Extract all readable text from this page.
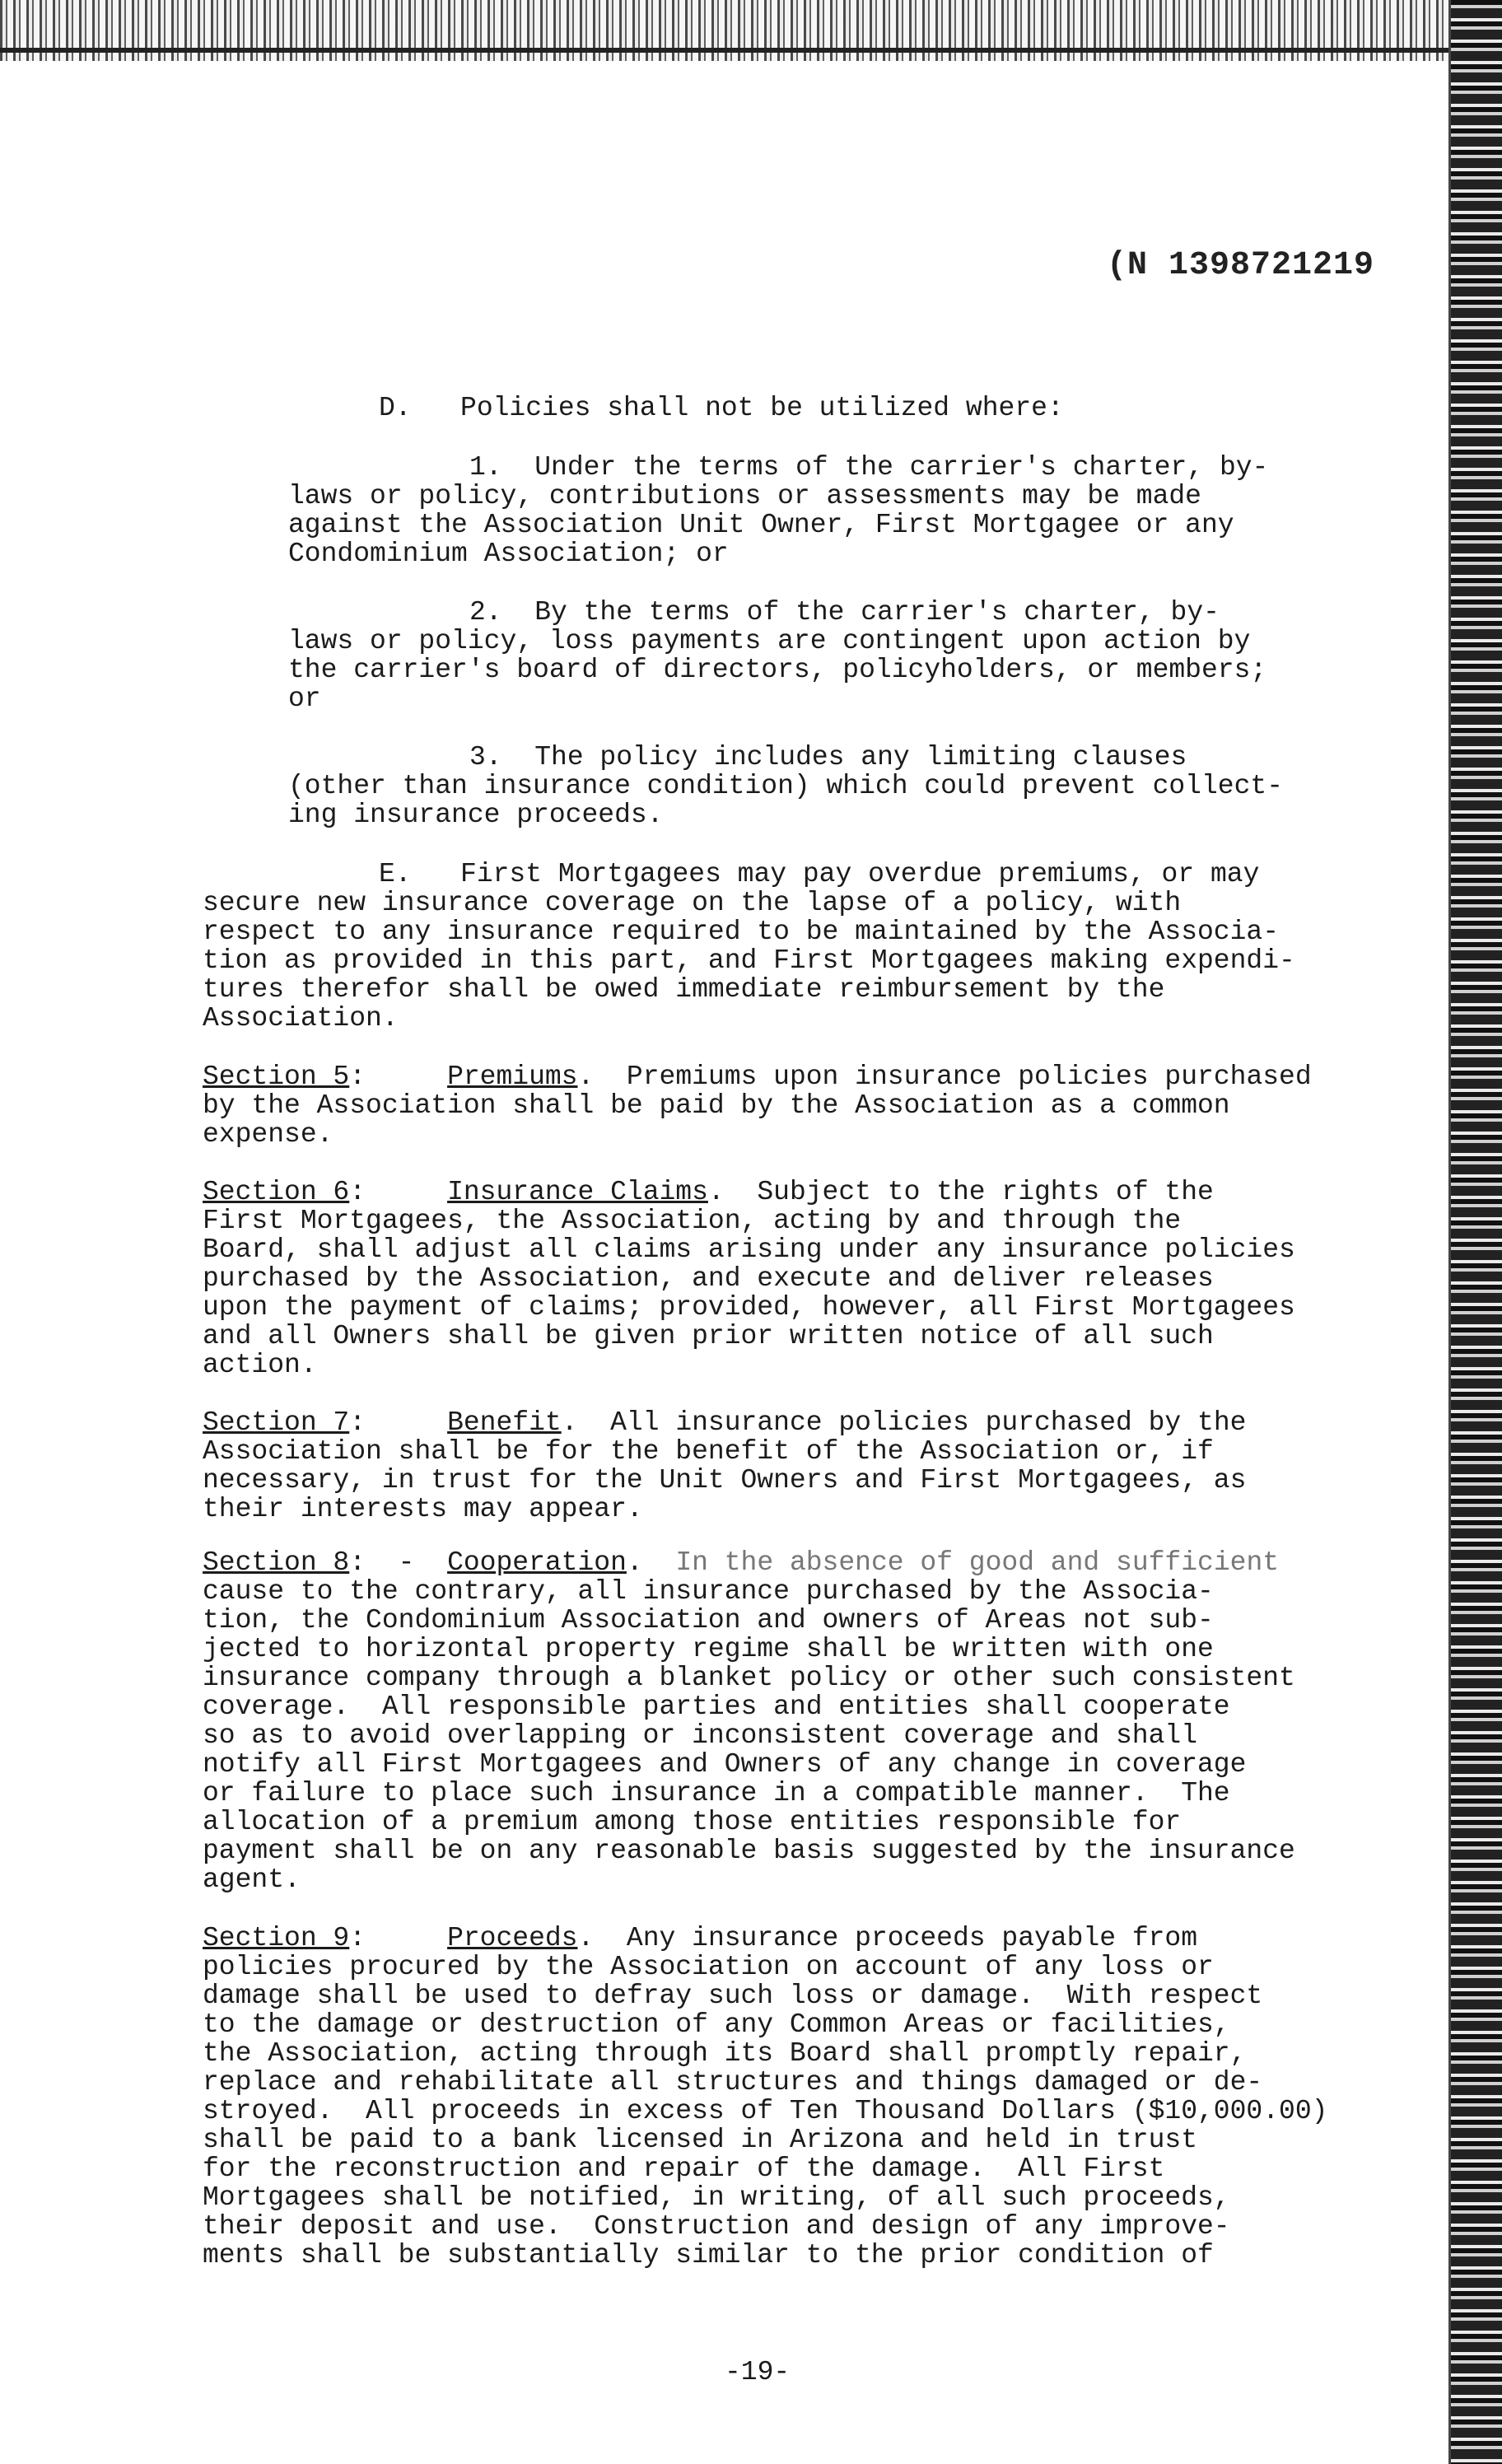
(N 1398721219

D.   Policies shall not be utilized where:

1.  Under the terms of the carrier's charter, by-
laws or policy, contributions or assessments may be made
against the Association Unit Owner, First Mortgagee or any
Condominium Association; or

2.  By the terms of the carrier's charter, by-
laws or policy, loss payments are contingent upon action by
the carrier's board of directors, policyholders, or members;
or

3.  The policy includes any limiting clauses
(other than insurance condition) which could prevent collect-
ing insurance proceeds.

E.   First Mortgagees may pay overdue premiums, or may
secure new insurance coverage on the lapse of a policy, with
respect to any insurance required to be maintained by the Associa-
tion as provided in this part, and First Mortgagees making expendi-
tures therefor shall be owed immediate reimbursement by the
Association.

Section 5:     Premiums.  Premiums upon insurance policies purchased

by the Association shall be paid by the Association as a common
expense.

Section 6:     Insurance Claims.  Subject to the rights of the

First Mortgagees, the Association, acting by and through the
Board, shall adjust all claims arising under any insurance policies
purchased by the Association, and execute and deliver releases
upon the payment of claims; provided, however, all First Mortgagees
and all Owners shall be given prior written notice of all such
action.

Section 7:     Benefit.  All insurance policies purchased by the

Association shall be for the benefit of the Association or, if
necessary, in trust for the Unit Owners and First Mortgagees, as
their interests may appear.

Section 8:  -  Cooperation.  In the absence of good and sufficient

cause to the contrary, all insurance purchased by the Associa-
tion, the Condominium Association and owners of Areas not sub-
jected to horizontal property regime shall be written with one
insurance company through a blanket policy or other such consistent
coverage.  All responsible parties and entities shall cooperate
so as to avoid overlapping or inconsistent coverage and shall
notify all First Mortgagees and Owners of any change in coverage
or failure to place such insurance in a compatible manner.  The
allocation of a premium among those entities responsible for
payment shall be on any reasonable basis suggested by the insurance
agent.

Section 9:     Proceeds.  Any insurance proceeds payable from

policies procured by the Association on account of any loss or
damage shall be used to defray such loss or damage.  With respect
to the damage or destruction of any Common Areas or facilities,
the Association, acting through its Board shall promptly repair,
replace and rehabilitate all structures and things damaged or de-
stroyed.  All proceeds in excess of Ten Thousand Dollars ($10,000.00)
shall be paid to a bank licensed in Arizona and held in trust
for the reconstruction and repair of the damage.  All First
Mortgagees shall be notified, in writing, of all such proceeds,
their deposit and use.  Construction and design of any improve-
ments shall be substantially similar to the prior condition of

-19-
